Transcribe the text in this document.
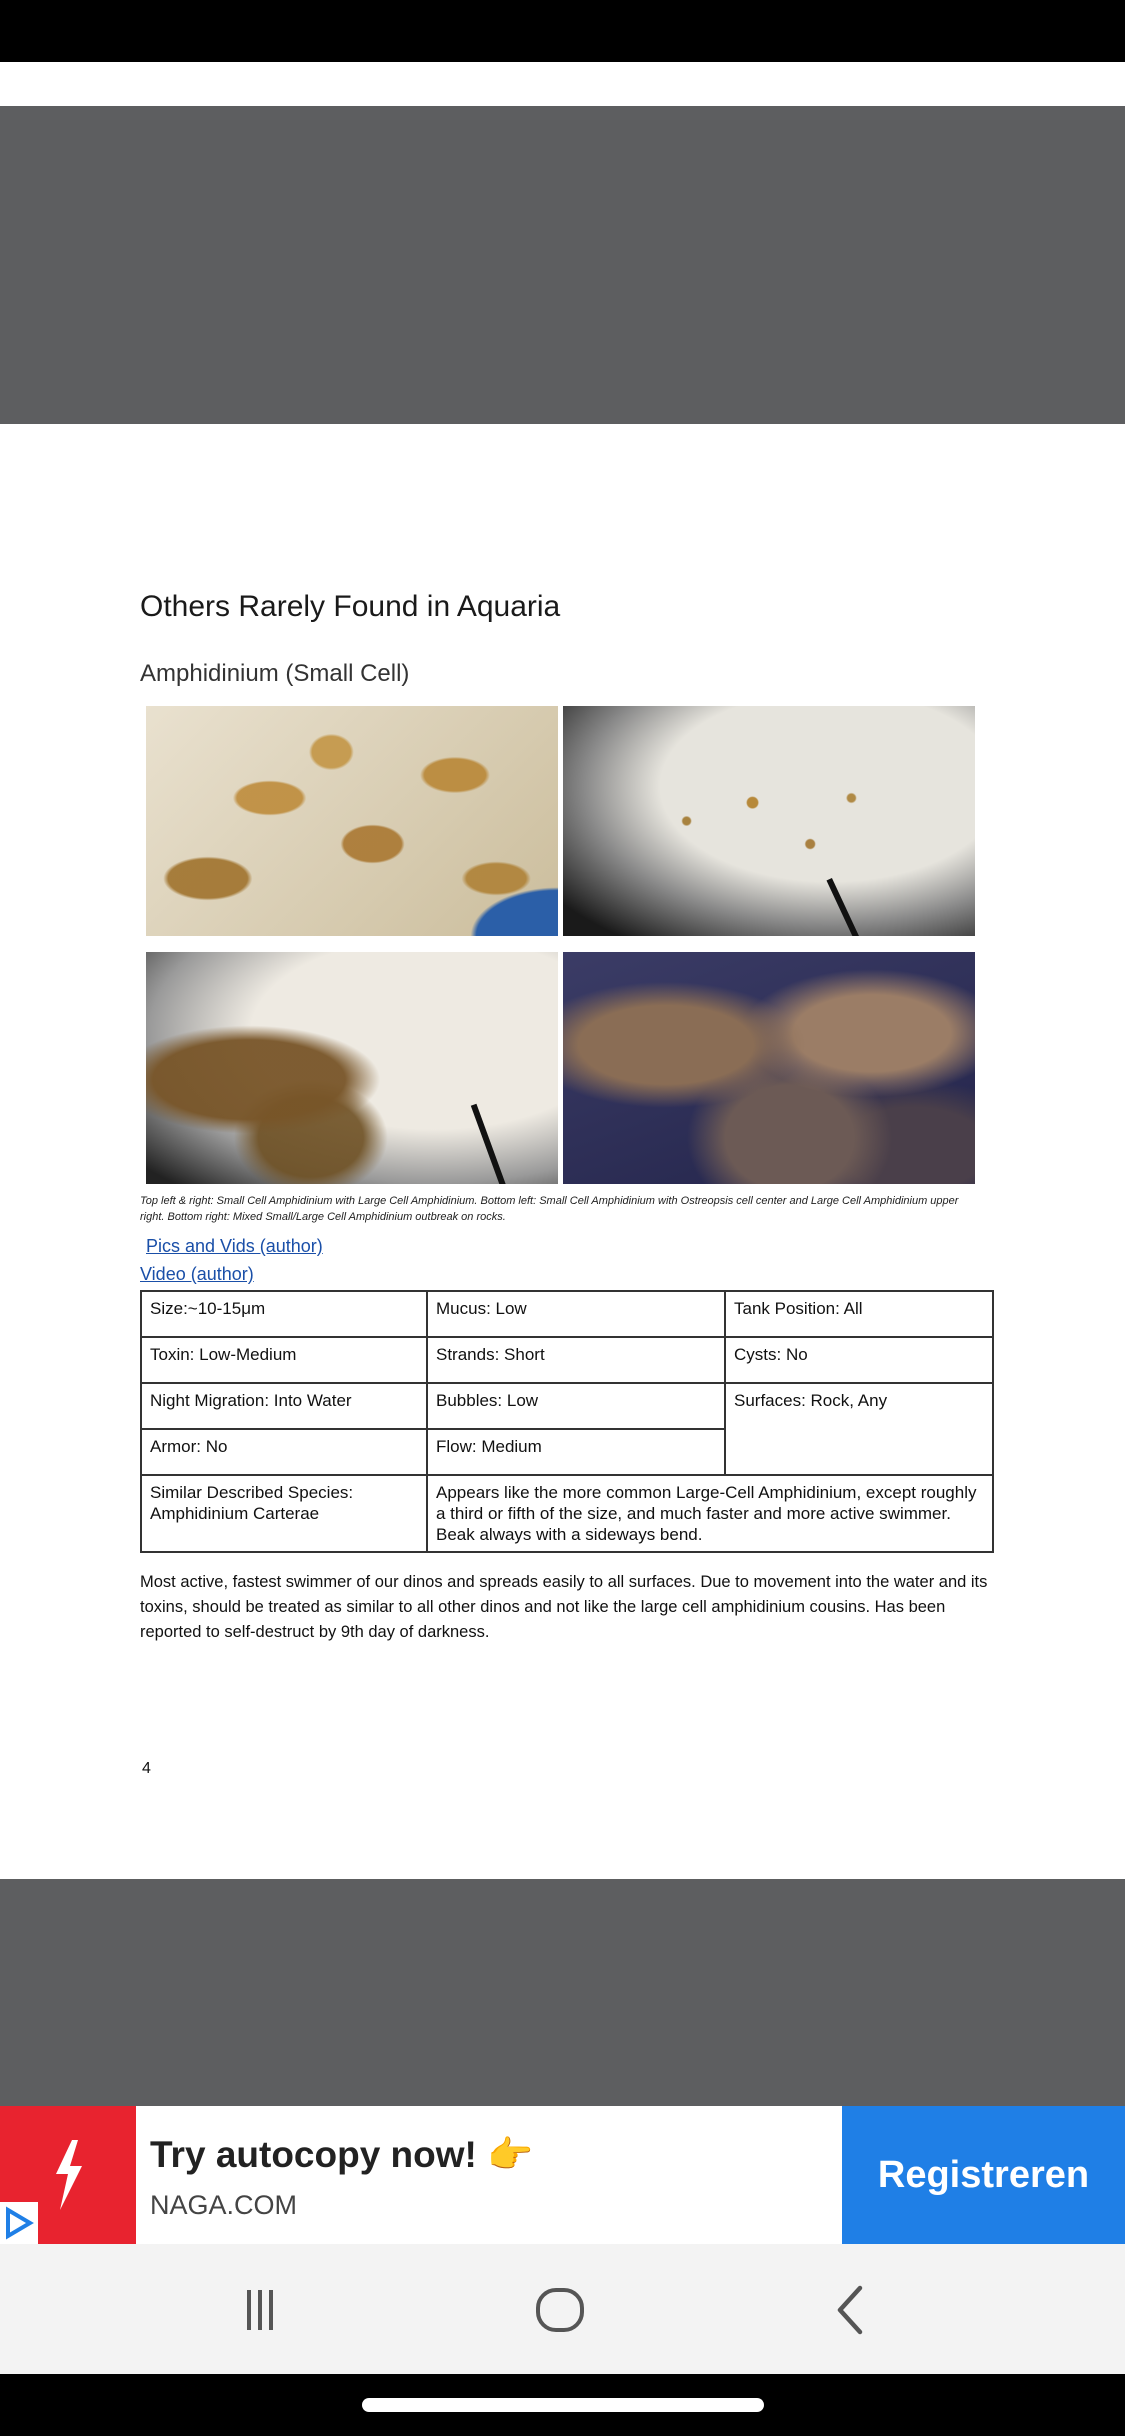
Others Rarely Found in Aquaria
Amphidinium (Small Cell)
Top left & right: Small Cell Amphidinium with Large Cell Amphidinium. Bottom left: Small Cell Amphidinium with Ostreopsis cell center and Large Cell Amphidinium upper right. Bottom right: Mixed Small/Large Cell Amphidinium outbreak on rocks.
Pics and Vids (author)
Video (author)
Size:~10-15μm	Mucus: Low	Tank Position: All
Toxin: Low-Medium	Strands: Short	Cysts: No
Night Migration: Into Water	Bubbles: Low	Surfaces: Rock, Any
Armor: No	Flow: Medium	
Similar Described Species: Amphidinium Carterae	Appears like the more common Large-Cell Amphidinium, except roughly a third or fifth of the size, and much faster and more active swimmer. Beak always with a sideways bend.	
Most active, fastest swimmer of our dinos and spreads easily to all surfaces. Due to movement into the water and its toxins, should be treated as similar to all other dinos and not like the large cell amphidinium cousins. Has been reported to self-destruct by 9th day of darkness.
4
Try autocopy now! 👉
NAGA.COM
Registreren
